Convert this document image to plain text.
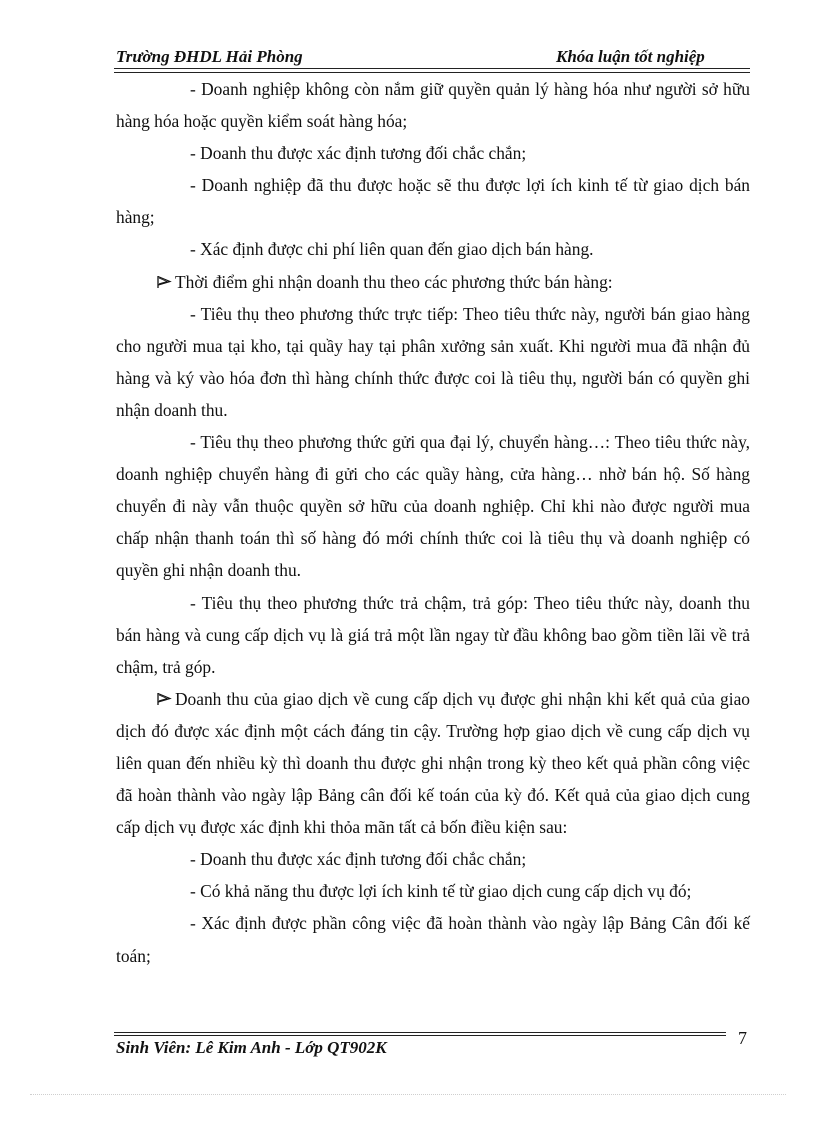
Trường ĐHDL Hải Phòng	Khóa luận tốt nghiệp

- Doanh nghiệp không còn nắm giữ quyền quản lý hàng hóa như người sở hữu hàng hóa hoặc quyền kiểm soát hàng hóa;

- Doanh thu được xác định tương đối chắc chắn;

- Doanh nghiệp đã thu được hoặc sẽ thu được lợi ích kinh tế từ giao dịch bán hàng;

- Xác định được chi phí liên quan đến giao dịch bán hàng.

Thời điểm ghi nhận doanh thu theo các phương thức bán hàng:

- Tiêu thụ theo phương thức trực tiếp: Theo tiêu thức này, người bán giao hàng cho người mua tại kho, tại quầy hay tại phân xưởng sản xuất. Khi người mua đã nhận đủ hàng và ký vào hóa đơn thì hàng chính thức được coi là tiêu thụ, người bán có quyền ghi nhận doanh thu.

- Tiêu thụ theo phương thức gửi qua đại lý, chuyển hàng…: Theo tiêu thức này, doanh nghiệp chuyển hàng đi gửi cho các quầy hàng, cửa hàng… nhờ bán hộ. Số hàng chuyển đi này vẫn thuộc quyền sở hữu của doanh nghiệp. Chỉ khi nào được người mua chấp nhận thanh toán thì số hàng đó mới chính thức coi là tiêu thụ và doanh nghiệp có quyền ghi nhận doanh thu.

- Tiêu thụ theo phương thức trả chậm, trả góp: Theo tiêu thức này, doanh thu bán hàng và cung cấp dịch vụ là giá trả một lần ngay từ đầu không bao gồm tiền lãi về trả chậm, trả góp.

Doanh thu của giao dịch về cung cấp dịch vụ được ghi nhận khi kết quả của giao dịch đó được xác định một cách đáng tin cậy. Trường hợp giao dịch về cung cấp dịch vụ liên quan đến nhiều kỳ thì doanh thu được ghi nhận trong kỳ theo kết quả phần công việc đã hoàn thành vào ngày lập Bảng cân đối kế toán của kỳ đó. Kết quả của giao dịch cung cấp dịch vụ được xác định khi thỏa mãn tất cả bốn điều kiện sau:

- Doanh thu được xác định tương đối chắc chắn;

- Có khả năng thu được lợi ích kinh tế từ giao dịch cung cấp dịch vụ đó;

- Xác định được phần công việc đã hoàn thành vào ngày lập Bảng Cân đối kế toán;

Sinh Viên: Lê Kim Anh - Lớp QT902K	7
